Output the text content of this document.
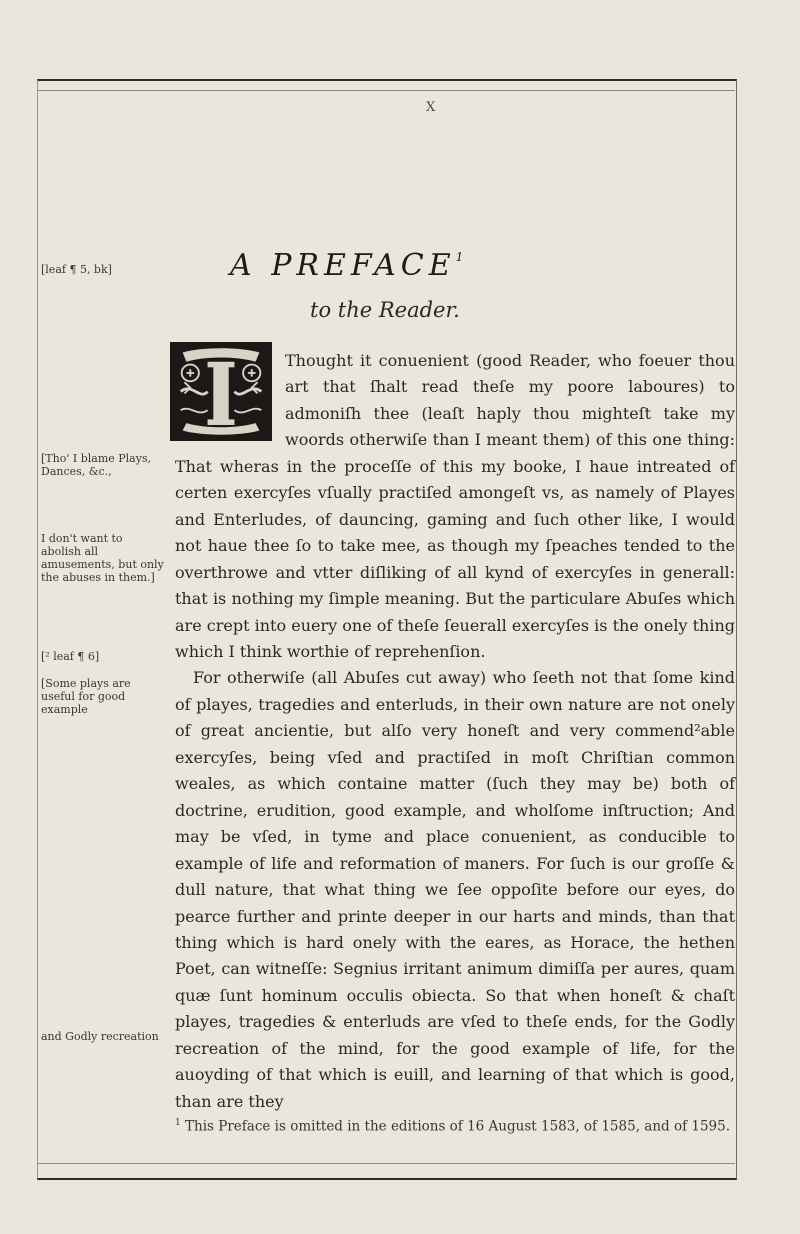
X
[leaf ¶ 5, bk]
[Tho' I blame Plays, Dances, &c.,
I don't want to abolish all amusements, but only the abuses in them.]
[² leaf ¶ 6]
[Some plays are useful for good example
and Godly recreation
A PREFACE$^1$
to the Reader.

Thought it conuenient (good Reader, who foeuer thou art that ſhalt read theſe my poore laboures) to admoniſh thee (leaſt haply thou mighteſt take my woords otherwiſe than I meant them) of this one thing: That wheras in the proceſſe of this my booke, I haue intreated of certen exercyſes vſually practiſed amongeſt vs, as namely of Playes and Enterludes, of dauncing, gaming and ſuch other like, I would not haue thee ſo to take mee, as though my ſpeaches tended to the overthrowe and vtter diſliking of all kynd of exercyſes in generall: that is nothing my ſimple meaning. But the particulare Abuſes which are crept into euery one of theſe ſeuerall exercyſes is the onely thing which I think worthie of reprehenſion.

For otherwiſe (all Abuſes cut away) who ſeeth not that ſome kind of playes, tragedies and enterluds, in their own nature are not onely of great ancientie, but alſo very honeſt and very commend²able exercyſes, being vſed and practiſed in moſt Chriſtian common weales, as which containe matter (ſuch they may be) both of doctrine, erudition, good example, and wholſome inſtruction; And may be vſed, in tyme and place conuenient, as conducible to example of life and reformation of maners. For ſuch is our groſſe & dull nature, that what thing we ſee oppoſite before our eyes, do pearce further and printe deeper in our harts and minds, than that thing which is hard onely with the eares, as Horace, the hethen Poet, can witneſſe: Segnius irritant animum dimiſſa per aures, quam quæ ſunt hominum occulis obiecta. So that when honeſt & chaſt playes, tragedies & enterluds are vſed to theſe ends, for the Godly recreation of the mind, for the good example of life, for the auoyding of that which is euill, and learning of that which is good, than are they

$^1$ This Preface is omitted in the editions of 16 August 1583, of 1585, and of 1595.
